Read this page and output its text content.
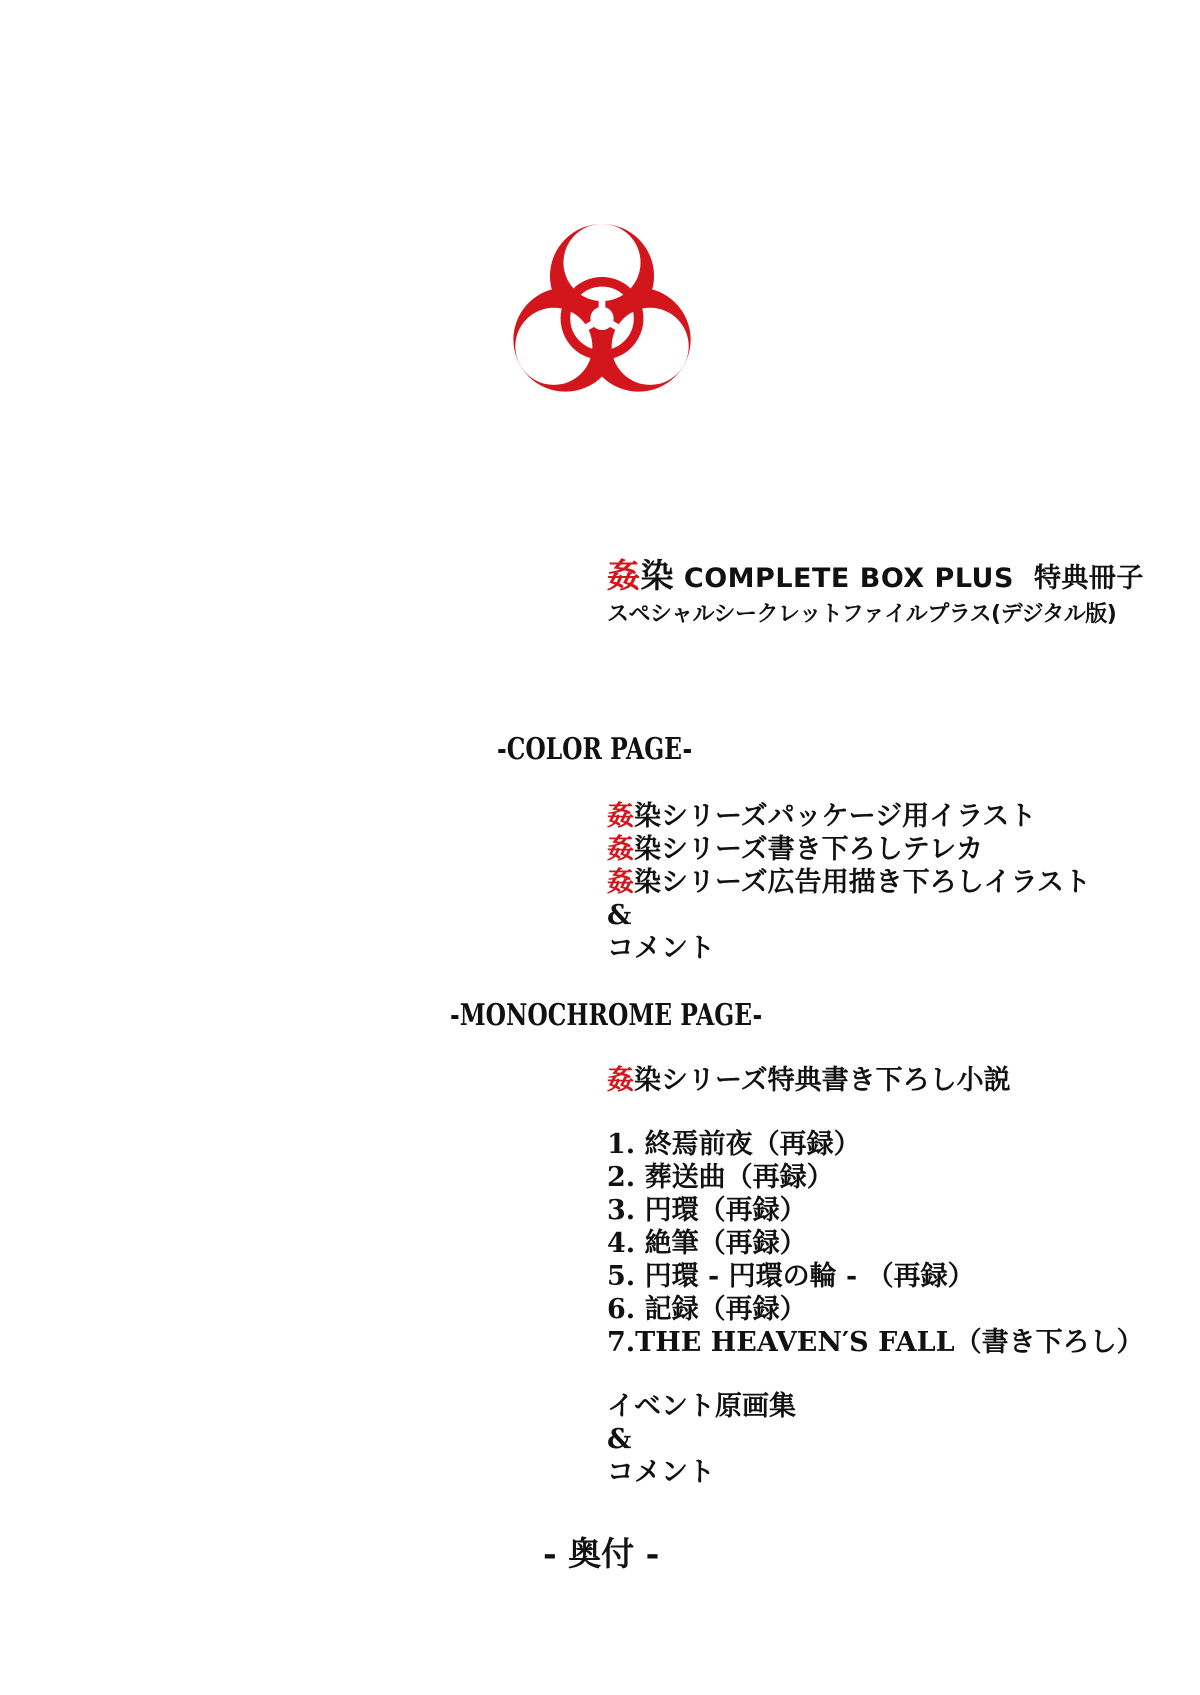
姦染 COMPLETE BOX PLUS 特典冊子
スペシャルシークレットファイルプラス(デジタル版)
-COLOR PAGE-
姦染シリーズパッケージ用イラスト
姦染シリーズ書き下ろしテレカ
姦染シリーズ広告用描き下ろしイラスト
&
コメント
-MONOCHROME PAGE-
姦染シリーズ特典書き下ろし小説
1. 終焉前夜（再録）
2. 葬送曲（再録）
3. 円環（再録）
4. 絶筆（再録）
5. 円環 - 円環の輪 - （再録）
6. 記録（再録）
7.THE HEAVEN′S FALL（書き下ろし）
イベント原画集
&
コメント
- 奥付 -
